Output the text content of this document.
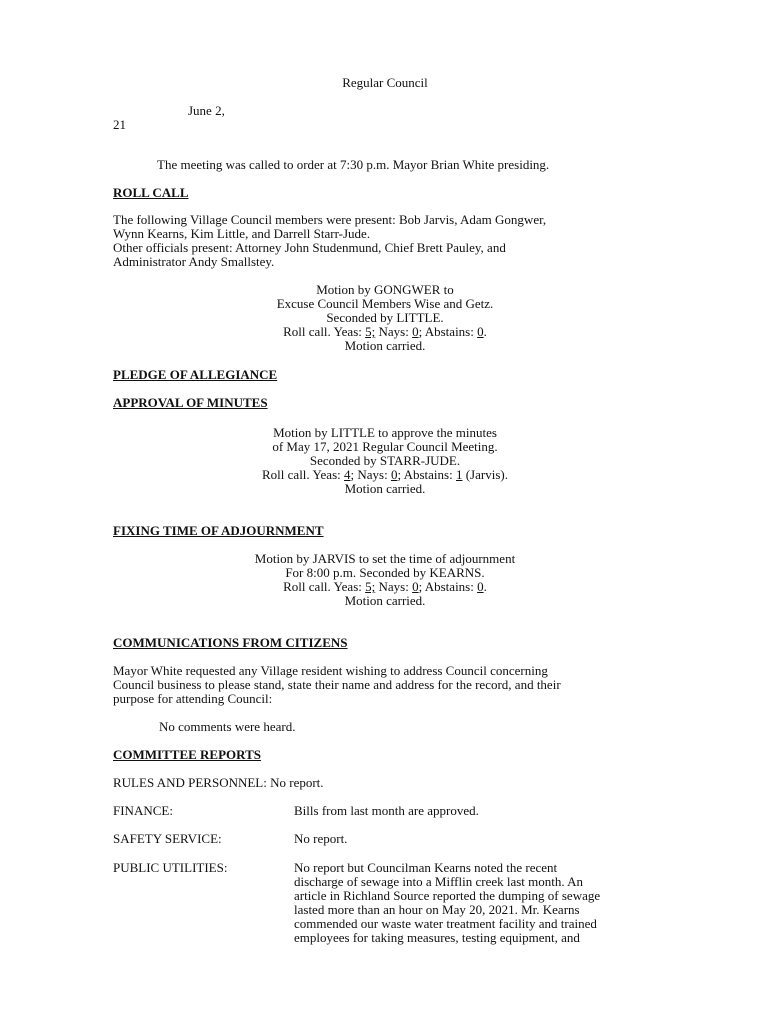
Regular Council
June 2,
21
The meeting was called to order at 7:30 p.m. Mayor Brian White presiding.
ROLL CALL
The following Village Council members were present: Bob Jarvis, Adam Gongwer,
Wynn Kearns, Kim Little, and Darrell Starr-Jude.
Other officials present: Attorney John Studenmund, Chief Brett Pauley, and
Administrator Andy Smallstey.
Motion by GONGWER to
Excuse Council Members Wise and Getz.
Seconded by LITTLE.
Roll call. Yeas: 5; Nays: 0; Abstains: 0.
Motion carried.
PLEDGE OF ALLEGIANCE
APPROVAL OF MINUTES
Motion by LITTLE to approve the minutes
of May 17, 2021 Regular Council Meeting.
Seconded by STARR-JUDE.
Roll call. Yeas: 4; Nays: 0; Abstains: 1 (Jarvis).
Motion carried.
FIXING TIME OF ADJOURNMENT
Motion by JARVIS to set the time of adjournment
For 8:00 p.m. Seconded by KEARNS.
Roll call. Yeas: 5; Nays: 0; Abstains: 0.
Motion carried.
COMMUNICATIONS FROM CITIZENS
Mayor White requested any Village resident wishing to address Council concerning
Council business to please stand, state their name and address for the record, and their
purpose for attending Council:
No comments were heard.
COMMITTEE REPORTS
RULES AND PERSONNEL: No report.
FINANCE:	Bills from last month are approved.
SAFETY SERVICE:	No report.
PUBLIC UTILITIES:	No report but Councilman Kearns noted the recent
discharge of sewage into a Mifflin creek last month. An
article in Richland Source reported the dumping of sewage
lasted more than an hour on May 20, 2021. Mr. Kearns
commended our waste water treatment facility and trained
employees for taking measures, testing equipment, and
